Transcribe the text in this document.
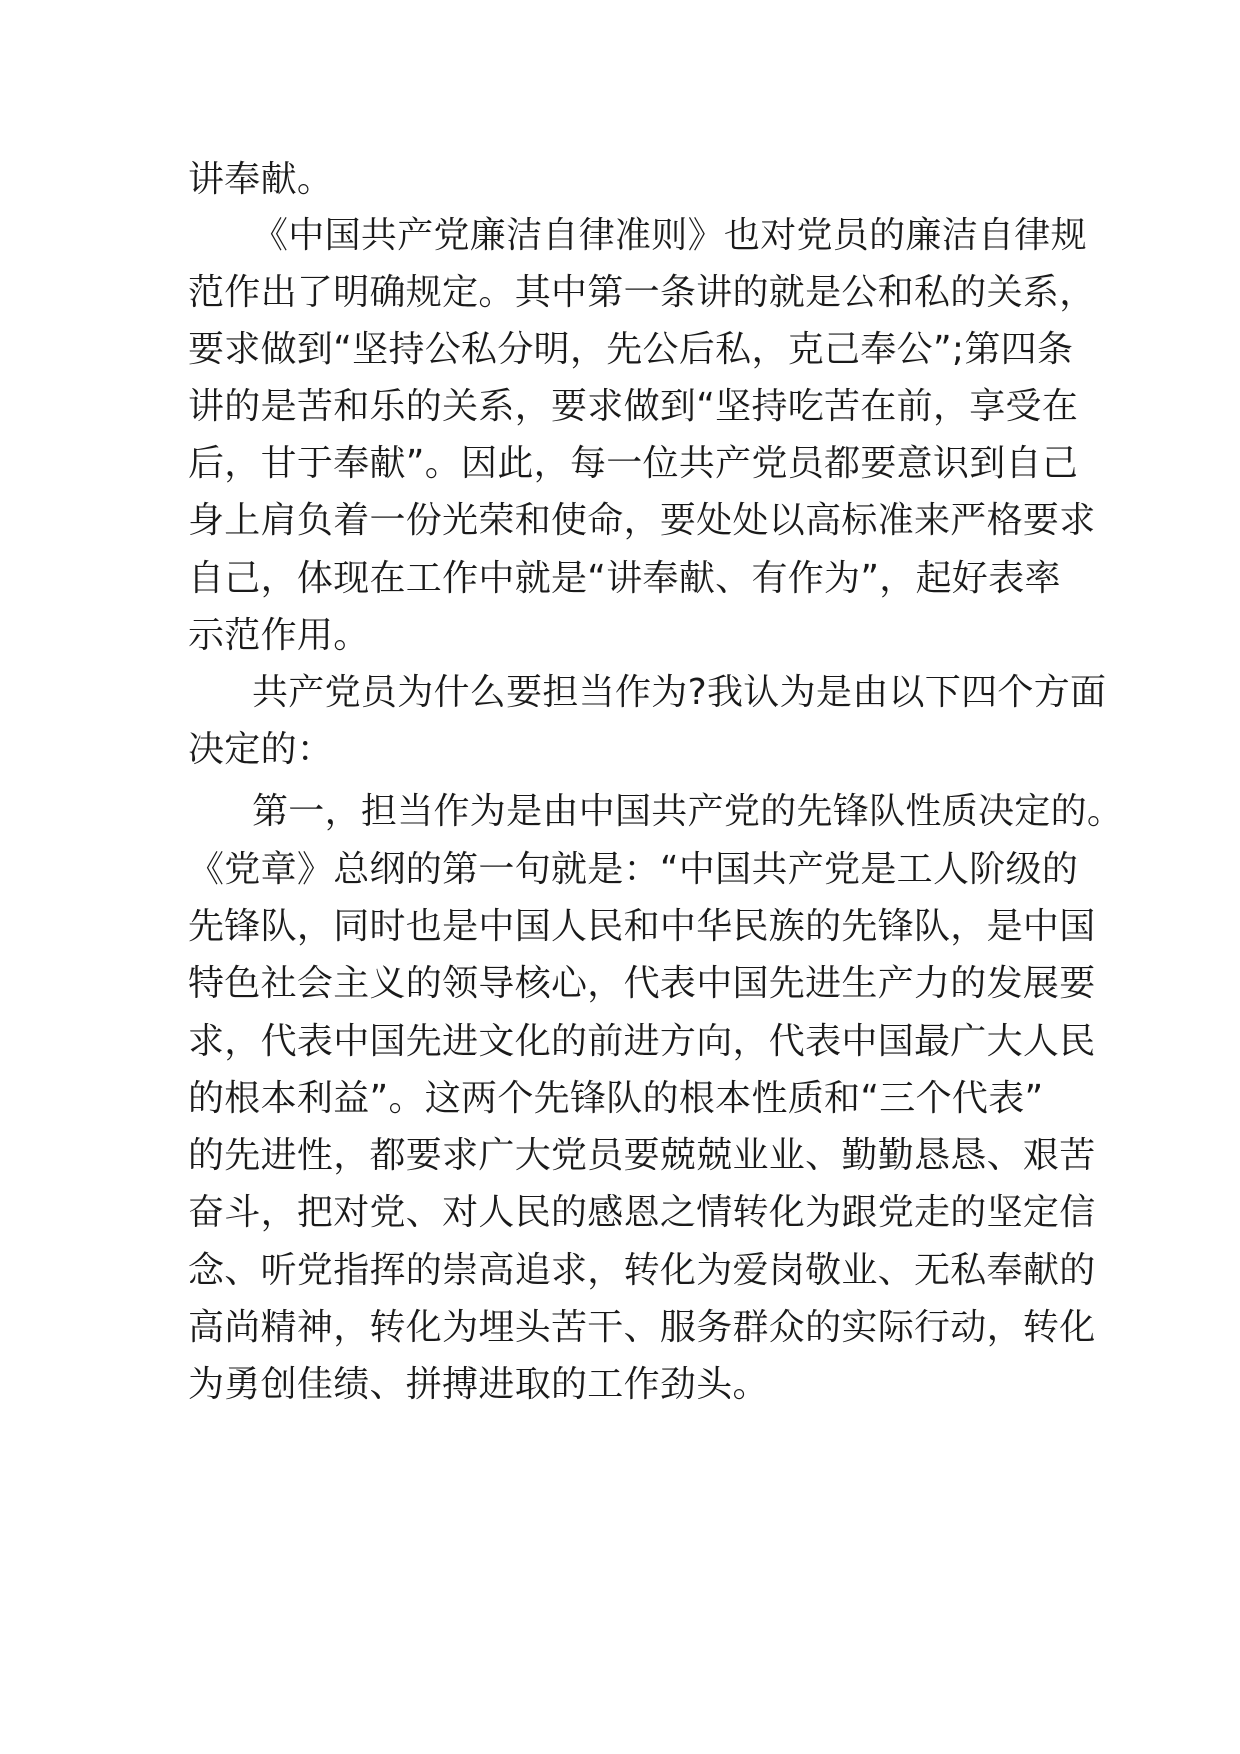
讲奉献。
《中国共产党廉洁自律准则》也对党员的廉洁自律规
范作出了明确规定。其中第一条讲的就是公和私的关系，
要求做到“坚持公私分明，先公后私，克己奉公”;第四条
讲的是苦和乐的关系，要求做到“坚持吃苦在前，享受在
后，甘于奉献”。因此，每一位共产党员都要意识到自己
身上肩负着一份光荣和使命，要处处以高标准来严格要求
自己，体现在工作中就是“讲奉献、有作为”，起好表率
示范作用。
共产党员为什么要担当作为?我认为是由以下四个方面
决定的：
第一，担当作为是由中国共产党的先锋队性质决定的。
《党章》总纲的第一句就是：“中国共产党是工人阶级的
先锋队，同时也是中国人民和中华民族的先锋队，是中国
特色社会主义的领导核心，代表中国先进生产力的发展要
求，代表中国先进文化的前进方向，代表中国最广大人民
的根本利益”。这两个先锋队的根本性质和“三个代表”
的先进性，都要求广大党员要兢兢业业、勤勤恳恳、艰苦
奋斗，把对党、对人民的感恩之情转化为跟党走的坚定信
念、听党指挥的崇高追求，转化为爱岗敬业、无私奉献的
高尚精神，转化为埋头苦干、服务群众的实际行动，转化
为勇创佳绩、拼搏进取的工作劲头。
